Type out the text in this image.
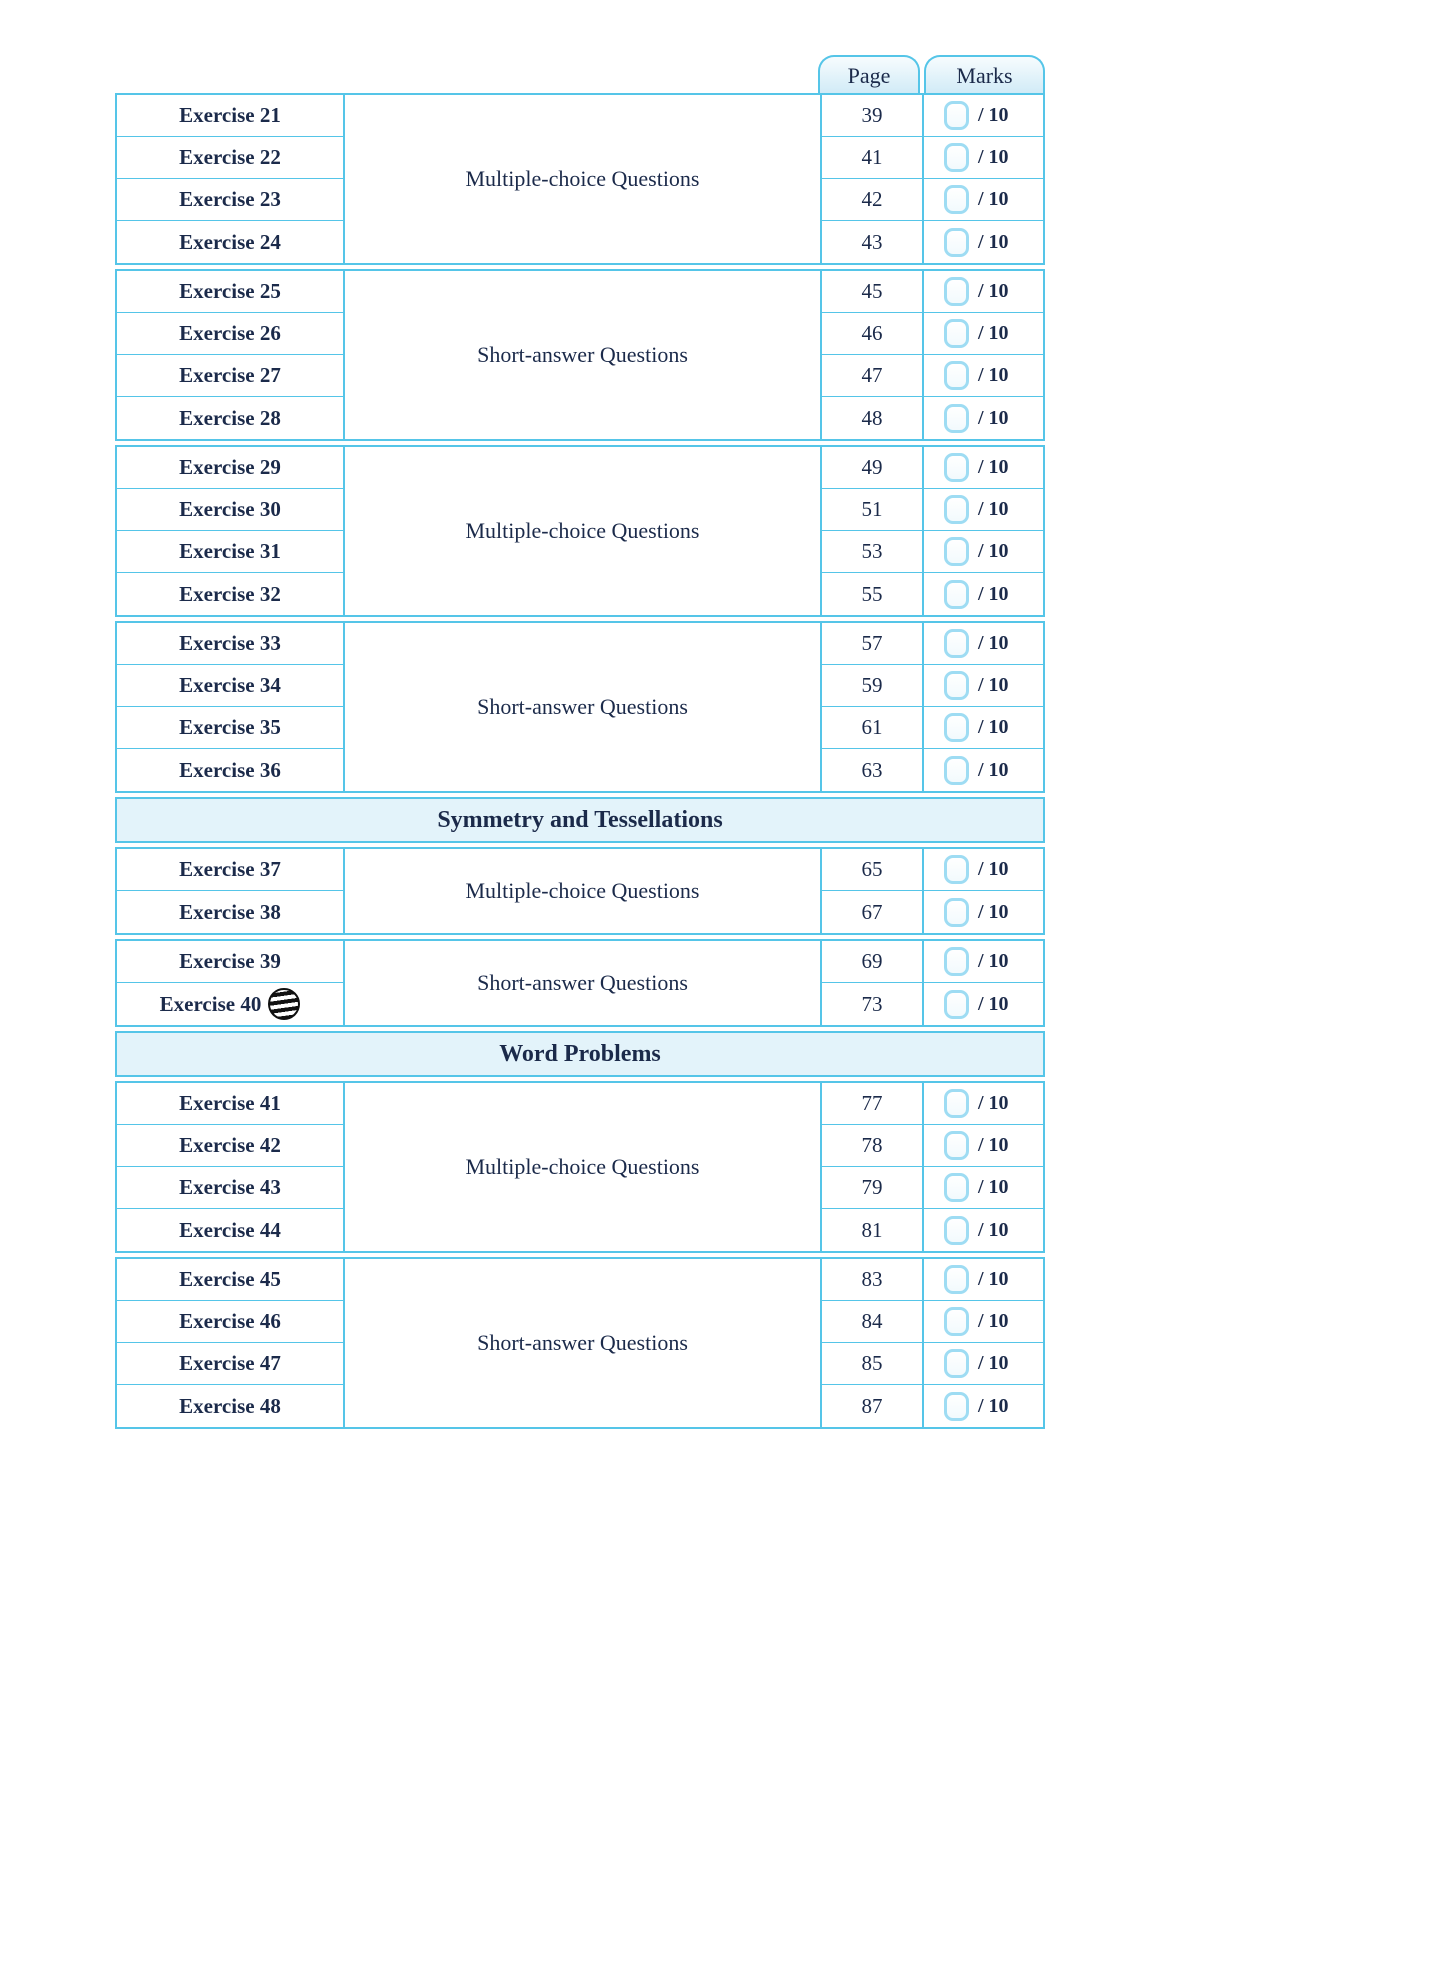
Page	Marks
Multiple-choice Questions
Exercise 21	39	/ 10
Exercise 22	41	/ 10
Exercise 23	42	/ 10
Exercise 24	43	/ 10
Short-answer Questions
Exercise 25	45	/ 10
Exercise 26	46	/ 10
Exercise 27	47	/ 10
Exercise 28	48	/ 10
Multiple-choice Questions
Exercise 29	49	/ 10
Exercise 30	51	/ 10
Exercise 31	53	/ 10
Exercise 32	55	/ 10
Short-answer Questions
Exercise 33	57	/ 10
Exercise 34	59	/ 10
Exercise 35	61	/ 10
Exercise 36	63	/ 10
Symmetry and Tessellations
Multiple-choice Questions
Exercise 37	65	/ 10
Exercise 38	67	/ 10
Short-answer Questions
Exercise 39	69	/ 10
Exercise 40	73	/ 10
Word Problems
Multiple-choice Questions
Exercise 41	77	/ 10
Exercise 42	78	/ 10
Exercise 43	79	/ 10
Exercise 44	81	/ 10
Short-answer Questions
Exercise 45	83	/ 10
Exercise 46	84	/ 10
Exercise 47	85	/ 10
Exercise 48	87	/ 10
